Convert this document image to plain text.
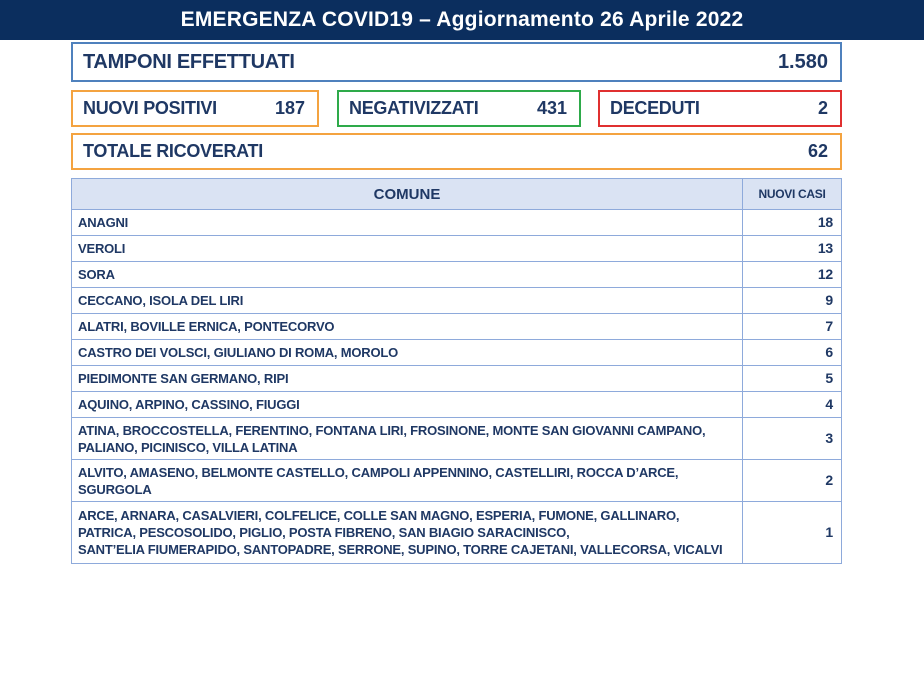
EMERGENZA COVID19 – Aggiornamento 26 Aprile 2022
TAMPONI EFFETTUATI	1.580
NUOVI POSITIVI	187 NEGATIVIZZATI	431 DECEDUTI	2
TOTALE RICOVERATI	62
COMUNE	NUOVI CASI
ANAGNI	18
VEROLI	13
SORA	12
CECCANO, ISOLA DEL LIRI	9
ALATRI, BOVILLE ERNICA, PONTECORVO	7
CASTRO DEI VOLSCI, GIULIANO DI ROMA, MOROLO	6
PIEDIMONTE SAN GERMANO, RIPI	5
AQUINO, ARPINO, CASSINO, FIUGGI	4
ATINA, BROCCOSTELLA, FERENTINO, FONTANA LIRI, FROSINONE, MONTE SAN GIOVANNI CAMPANO,
PALIANO, PICINISCO, VILLA LATINA	3
ALVITO, AMASENO, BELMONTE CASTELLO, CAMPOLI APPENNINO, CASTELLIRI, ROCCA D’ARCE,
SGURGOLA	2
ARCE, ARNARA, CASALVIERI, COLFELICE, COLLE SAN MAGNO, ESPERIA, FUMONE, GALLINARO,
PATRICA, PESCOSOLIDO, PIGLIO, POSTA FIBRENO, SAN BIAGIO SARACINISCO,
SANT’ELIA FIUMERAPIDO, SANTOPADRE, SERRONE, SUPINO, TORRE CAJETANI, VALLECORSA, VICALVI	1
